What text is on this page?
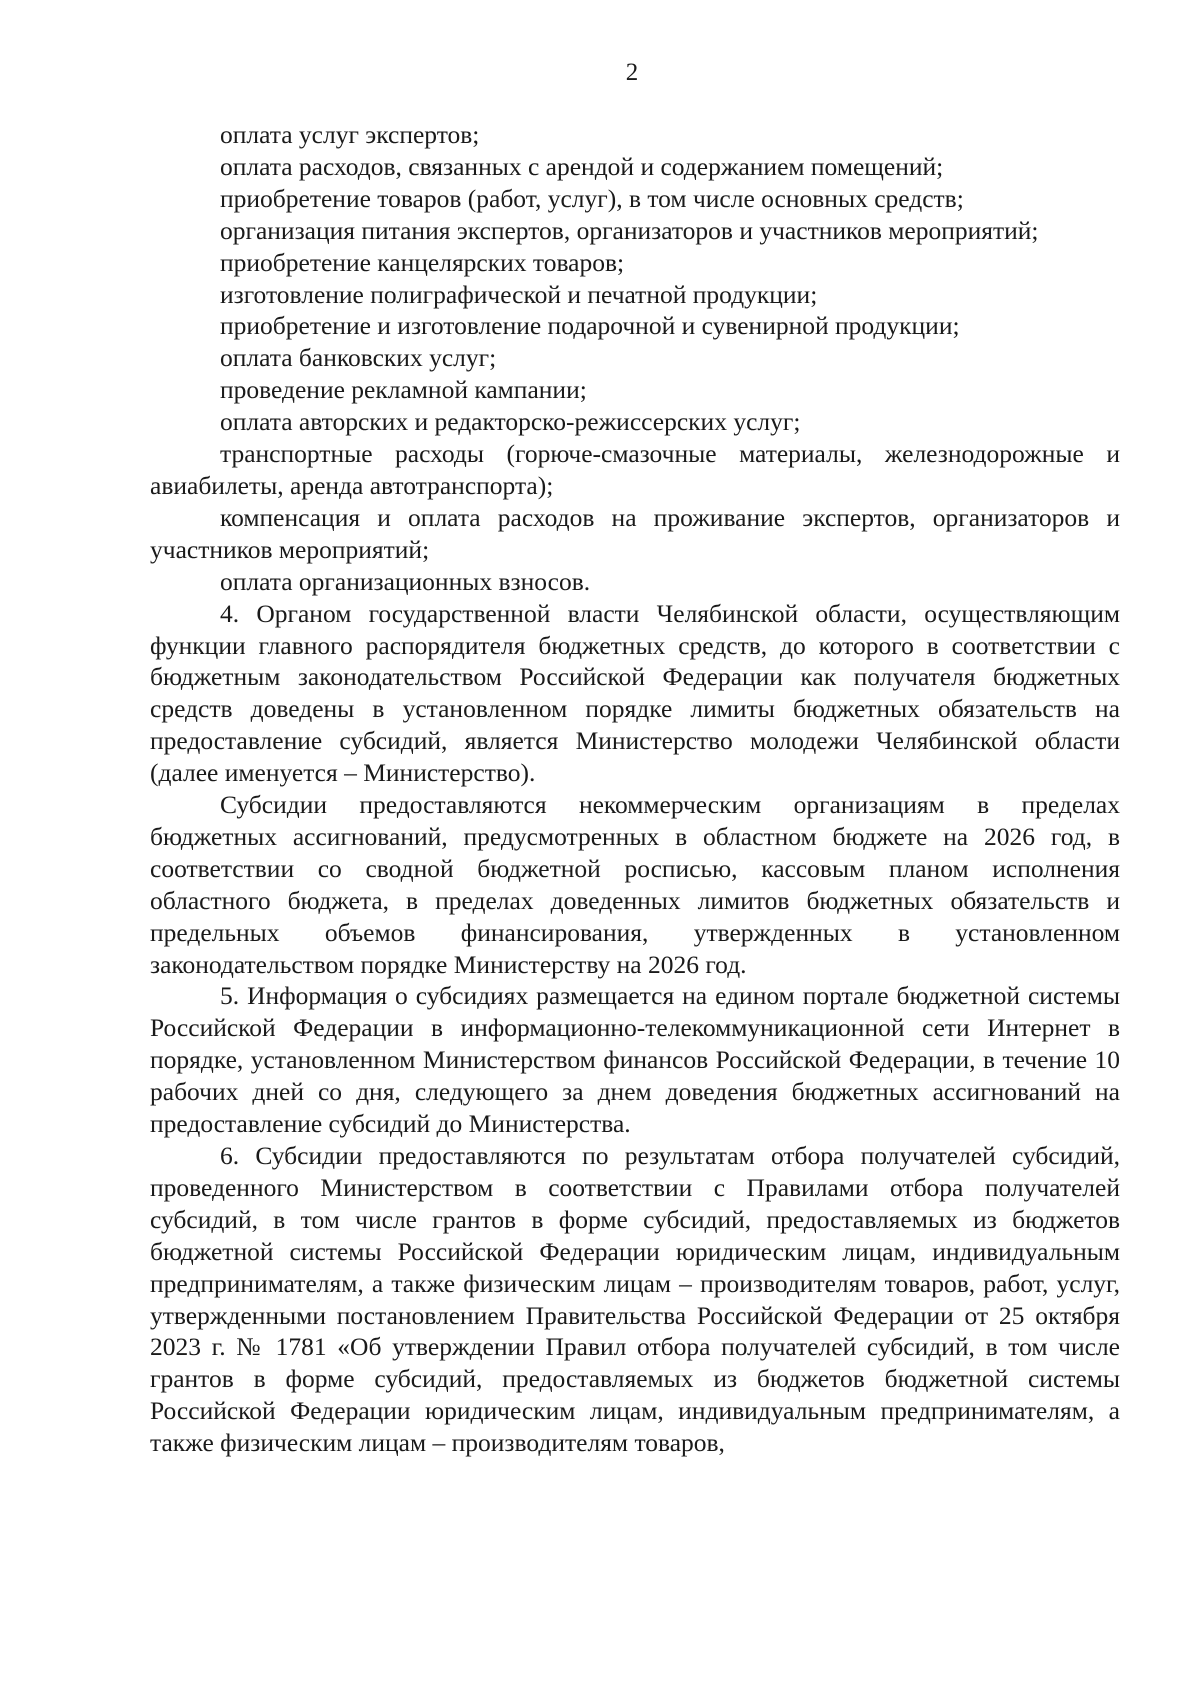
2

оплата услуг экспертов;

оплата расходов, связанных с арендой и содержанием помещений;

приобретение товаров (работ, услуг), в том числе основных средств;

организация питания экспертов, организаторов и участников мероприятий;

приобретение канцелярских товаров;

изготовление полиграфической и печатной продукции;

приобретение и изготовление подарочной и сувенирной продукции;

оплата банковских услуг;

проведение рекламной кампании;

оплата авторских и редакторско-режиссерских услуг;

транспортные расходы (горюче-смазочные материалы, железнодорожные и авиабилеты, аренда автотранспорта);

компенсация и оплата расходов на проживание экспертов, организаторов и участников мероприятий;

оплата организационных взносов.

4. Органом государственной власти Челябинской области, осуществляющим функции главного распорядителя бюджетных средств, до которого в соответствии с бюджетным законодательством Российской Федерации как получателя бюджетных средств доведены в установленном порядке лимиты бюджетных обязательств на предоставление субсидий, является Министерство молодежи Челябинской области (далее именуется – Министерство).

Субсидии предоставляются некоммерческим организациям в пределах бюджетных ассигнований, предусмотренных в областном бюджете на 2026 год, в соответствии со сводной бюджетной росписью, кассовым планом исполнения областного бюджета, в пределах доведенных лимитов бюджетных обязательств и предельных объемов финансирования, утвержденных в установленном законодательством порядке Министерству на 2026 год.

5. Информация о субсидиях размещается на едином портале бюджетной системы Российской Федерации в информационно-телекоммуникационной сети Интернет в порядке, установленном Министерством финансов Российской Федерации, в течение 10 рабочих дней со дня, следующего за днем доведения бюджетных ассигнований на предоставление субсидий до Министерства.

6. Субсидии предоставляются по результатам отбора получателей субсидий, проведенного Министерством в соответствии с Правилами отбора получателей субсидий, в том числе грантов в форме субсидий, предоставляемых из бюджетов бюджетной системы Российской Федерации юридическим лицам, индивидуальным предпринимателям, а также физическим лицам – производителям товаров, работ, услуг, утвержденными постановлением Правительства Российской Федерации от 25 октября 2023 г. № 1781 «Об утверждении Правил отбора получателей субсидий, в том числе грантов в форме субсидий, предоставляемых из бюджетов бюджетной системы Российской Федерации юридическим лицам, индивидуальным предпринимателям, а также физическим лицам – производителям товаров,
